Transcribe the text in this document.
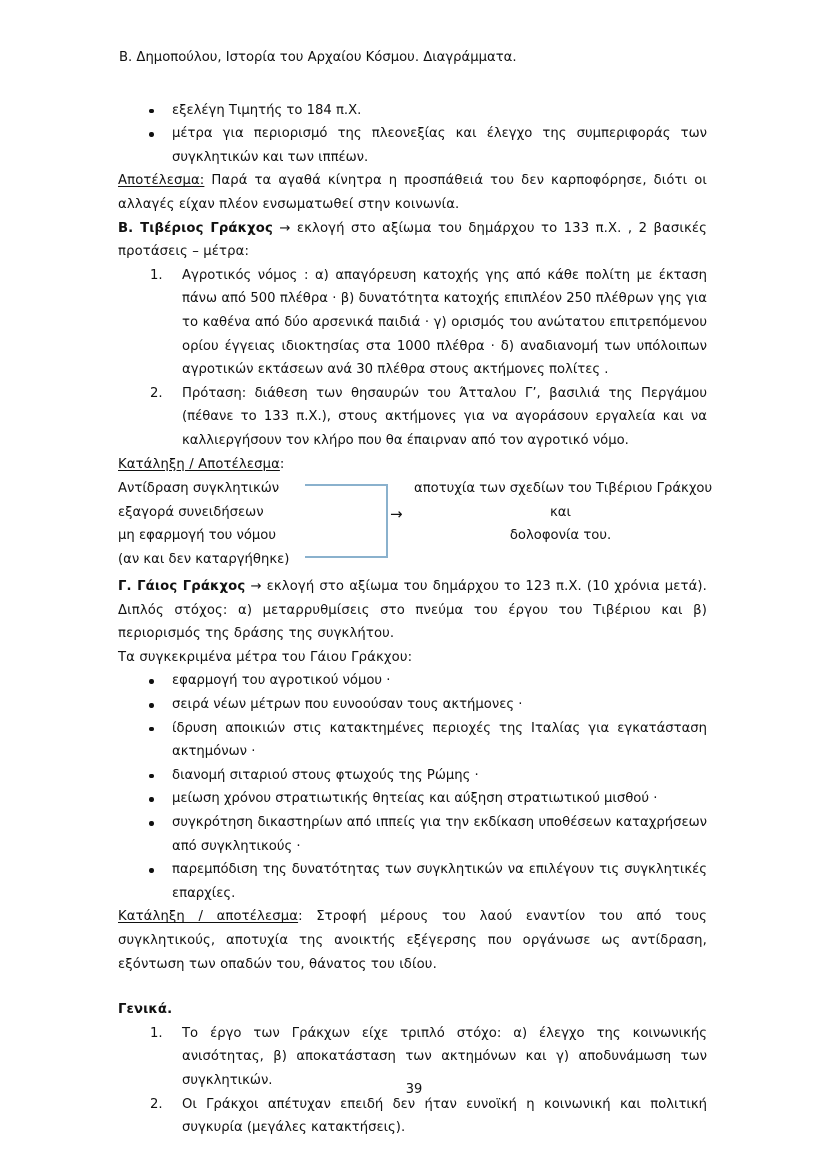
Β. Δημοπούλου, Ιστορία του Αρχαίου Κόσμου. Διαγράμματα.

εξελέγη Τιμητής το 184 π.Χ.
μέτρα για περιορισμό της πλεονεξίας και έλεγχο της συμπεριφοράς των συγκλητικών και των ιππέων.

Αποτέλεσμα: Παρά τα αγαθά κίνητρα η προσπάθειά του δεν καρποφόρησε, διότι οι αλλαγές είχαν πλέον ενσωματωθεί στην κοινωνία.

Β. Τιβέριος Γράκχος → εκλογή στο αξίωμα του δημάρχου το 133 π.Χ. , 2 βασικές προτάσεις – μέτρα:

Αγροτικός νόμος : α) απαγόρευση κατοχής γης από κάθε πολίτη με έκταση πάνω από 500 πλέθρα · β) δυνατότητα κατοχής επιπλέον 250 πλέθρων γης για το καθένα από δύο αρσενικά παιδιά · γ) ορισμός του ανώτατου επιτρεπόμενου ορίου έγγειας ιδιοκτησίας στα 1000 πλέθρα · δ) αναδιανομή των υπόλοιπων αγροτικών εκτάσεων ανά 30 πλέθρα στους ακτήμονες πολίτες .
Πρόταση: διάθεση των θησαυρών του Άτταλου Γ’, βασιλιά της Περγάμου (πέθανε το 133 π.Χ.), στους ακτήμονες για να αγοράσουν εργαλεία και να καλλιεργήσουν τον κλήρο που θα έπαιρναν από τον αγροτικό νόμο.

Κατάληξη / Αποτέλεσμα:

Αντίδραση συγκλητικών
εξαγορά συνειδήσεων
μη εφαρμογή του νόμου
(αν και δεν καταργήθηκε)
→
αποτυχία των σχεδίων του Τιβέριου Γράκχου
και
δολοφονία του.

Γ. Γάιος Γράκχος → εκλογή στο αξίωμα του δημάρχου το 123 π.Χ. (10 χρόνια μετά). Διπλός στόχος: α) μεταρρυθμίσεις στο πνεύμα του έργου του Τιβέριου και β) περιορισμός της δράσης της συγκλήτου.

Τα συγκεκριμένα μέτρα του Γάιου Γράκχου:

εφαρμογή του αγροτικού νόμου ·
σειρά νέων μέτρων που ευνοούσαν τους ακτήμονες ·
ίδρυση αποικιών στις κατακτημένες περιοχές της Ιταλίας για εγκατάσταση ακτημόνων ·
διανομή σιταριού στους φτωχούς της Ρώμης ·
μείωση χρόνου στρατιωτικής θητείας και αύξηση στρατιωτικού μισθού ·
συγκρότηση δικαστηρίων από ιππείς για την εκδίκαση υποθέσεων καταχρήσεων από συγκλητικούς ·
παρεμπόδιση της δυνατότητας των συγκλητικών να επιλέγουν τις συγκλητικές επαρχίες.

Κατάληξη / αποτέλεσμα: Στροφή μέρους του λαού εναντίον του από τους συγκλητικούς, αποτυχία της ανοικτής εξέγερσης που οργάνωσε ως αντίδραση, εξόντωση των οπαδών του, θάνατος του ιδίου.

Γενικά.

Το έργο των Γράκχων είχε τριπλό στόχο: α) έλεγχο της κοινωνικής ανισότητας, β) αποκατάσταση των ακτημόνων και γ) αποδυνάμωση των συγκλητικών.
Οι Γράκχοι απέτυχαν επειδή δεν ήταν ευνοϊκή η κοινωνική και πολιτική συγκυρία (μεγάλες κατακτήσεις).
39
